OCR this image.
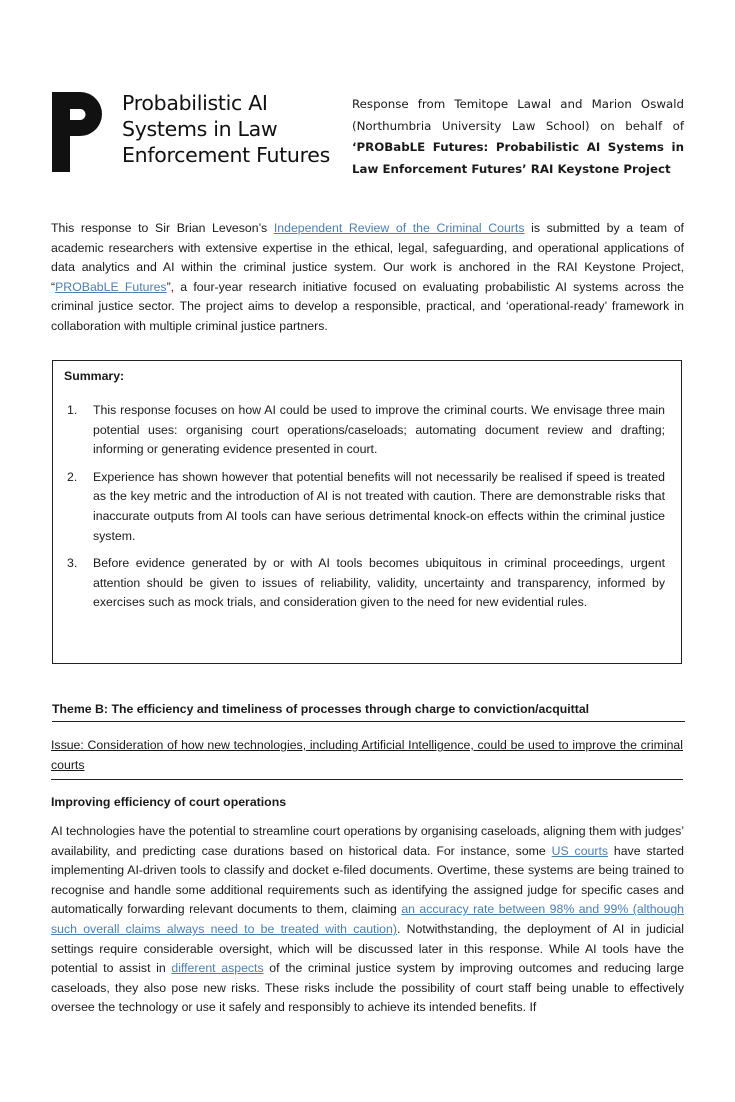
Probabilistic AI
Systems in Law
Enforcement Futures
Response from Temitope Lawal and Marion Oswald (Northumbria University Law School) on behalf of ‘PROBabLE Futures: Probabilistic AI Systems in Law Enforcement Futures’ RAI Keystone Project
This response to Sir Brian Leveson’s Independent Review of the Criminal Courts is submitted by a team of academic researchers with extensive expertise in the ethical, legal, safeguarding, and operational applications of data analytics and AI within the criminal justice system. Our work is anchored in the RAI Keystone Project, “PROBabLE Futures”, a four-year research initiative focused on evaluating probabilistic AI systems across the criminal justice sector. The project aims to develop a responsible, practical, and ‘operational-ready’ framework in collaboration with multiple criminal justice partners.
Summary:
1. This response focuses on how AI could be used to improve the criminal courts. We envisage three main potential uses: organising court operations/caseloads; automating document review and drafting; informing or generating evidence presented in court.
2. Experience has shown however that potential benefits will not necessarily be realised if speed is treated as the key metric and the introduction of AI is not treated with caution. There are demonstrable risks that inaccurate outputs from AI tools can have serious detrimental knock-on effects within the criminal justice system.
3. Before evidence generated by or with AI tools becomes ubiquitous in criminal proceedings, urgent attention should be given to issues of reliability, validity, uncertainty and transparency, informed by exercises such as mock trials, and consideration given to the need for new evidential rules.
Theme B: The efficiency and timeliness of processes through charge to conviction/acquittal
Issue: Consideration of how new technologies, including Artificial Intelligence, could be used to improve the criminal courts
Improving efficiency of court operations
AI technologies have the potential to streamline court operations by organising caseloads, aligning them with judges’ availability, and predicting case durations based on historical data. For instance, some US courts have started implementing AI-driven tools to classify and docket e-filed documents. Overtime, these systems are being trained to recognise and handle some additional requirements such as identifying the assigned judge for specific cases and automatically forwarding relevant documents to them, claiming an accuracy rate between 98% and 99% (although such overall claims always need to be treated with caution). Notwithstanding, the deployment of AI in judicial settings require considerable oversight, which will be discussed later in this response. While AI tools have the potential to assist in different aspects of the criminal justice system by improving outcomes and reducing large caseloads, they also pose new risks. These risks include the possibility of court staff being unable to effectively oversee the technology or use it safely and responsibly to achieve its intended benefits. If
